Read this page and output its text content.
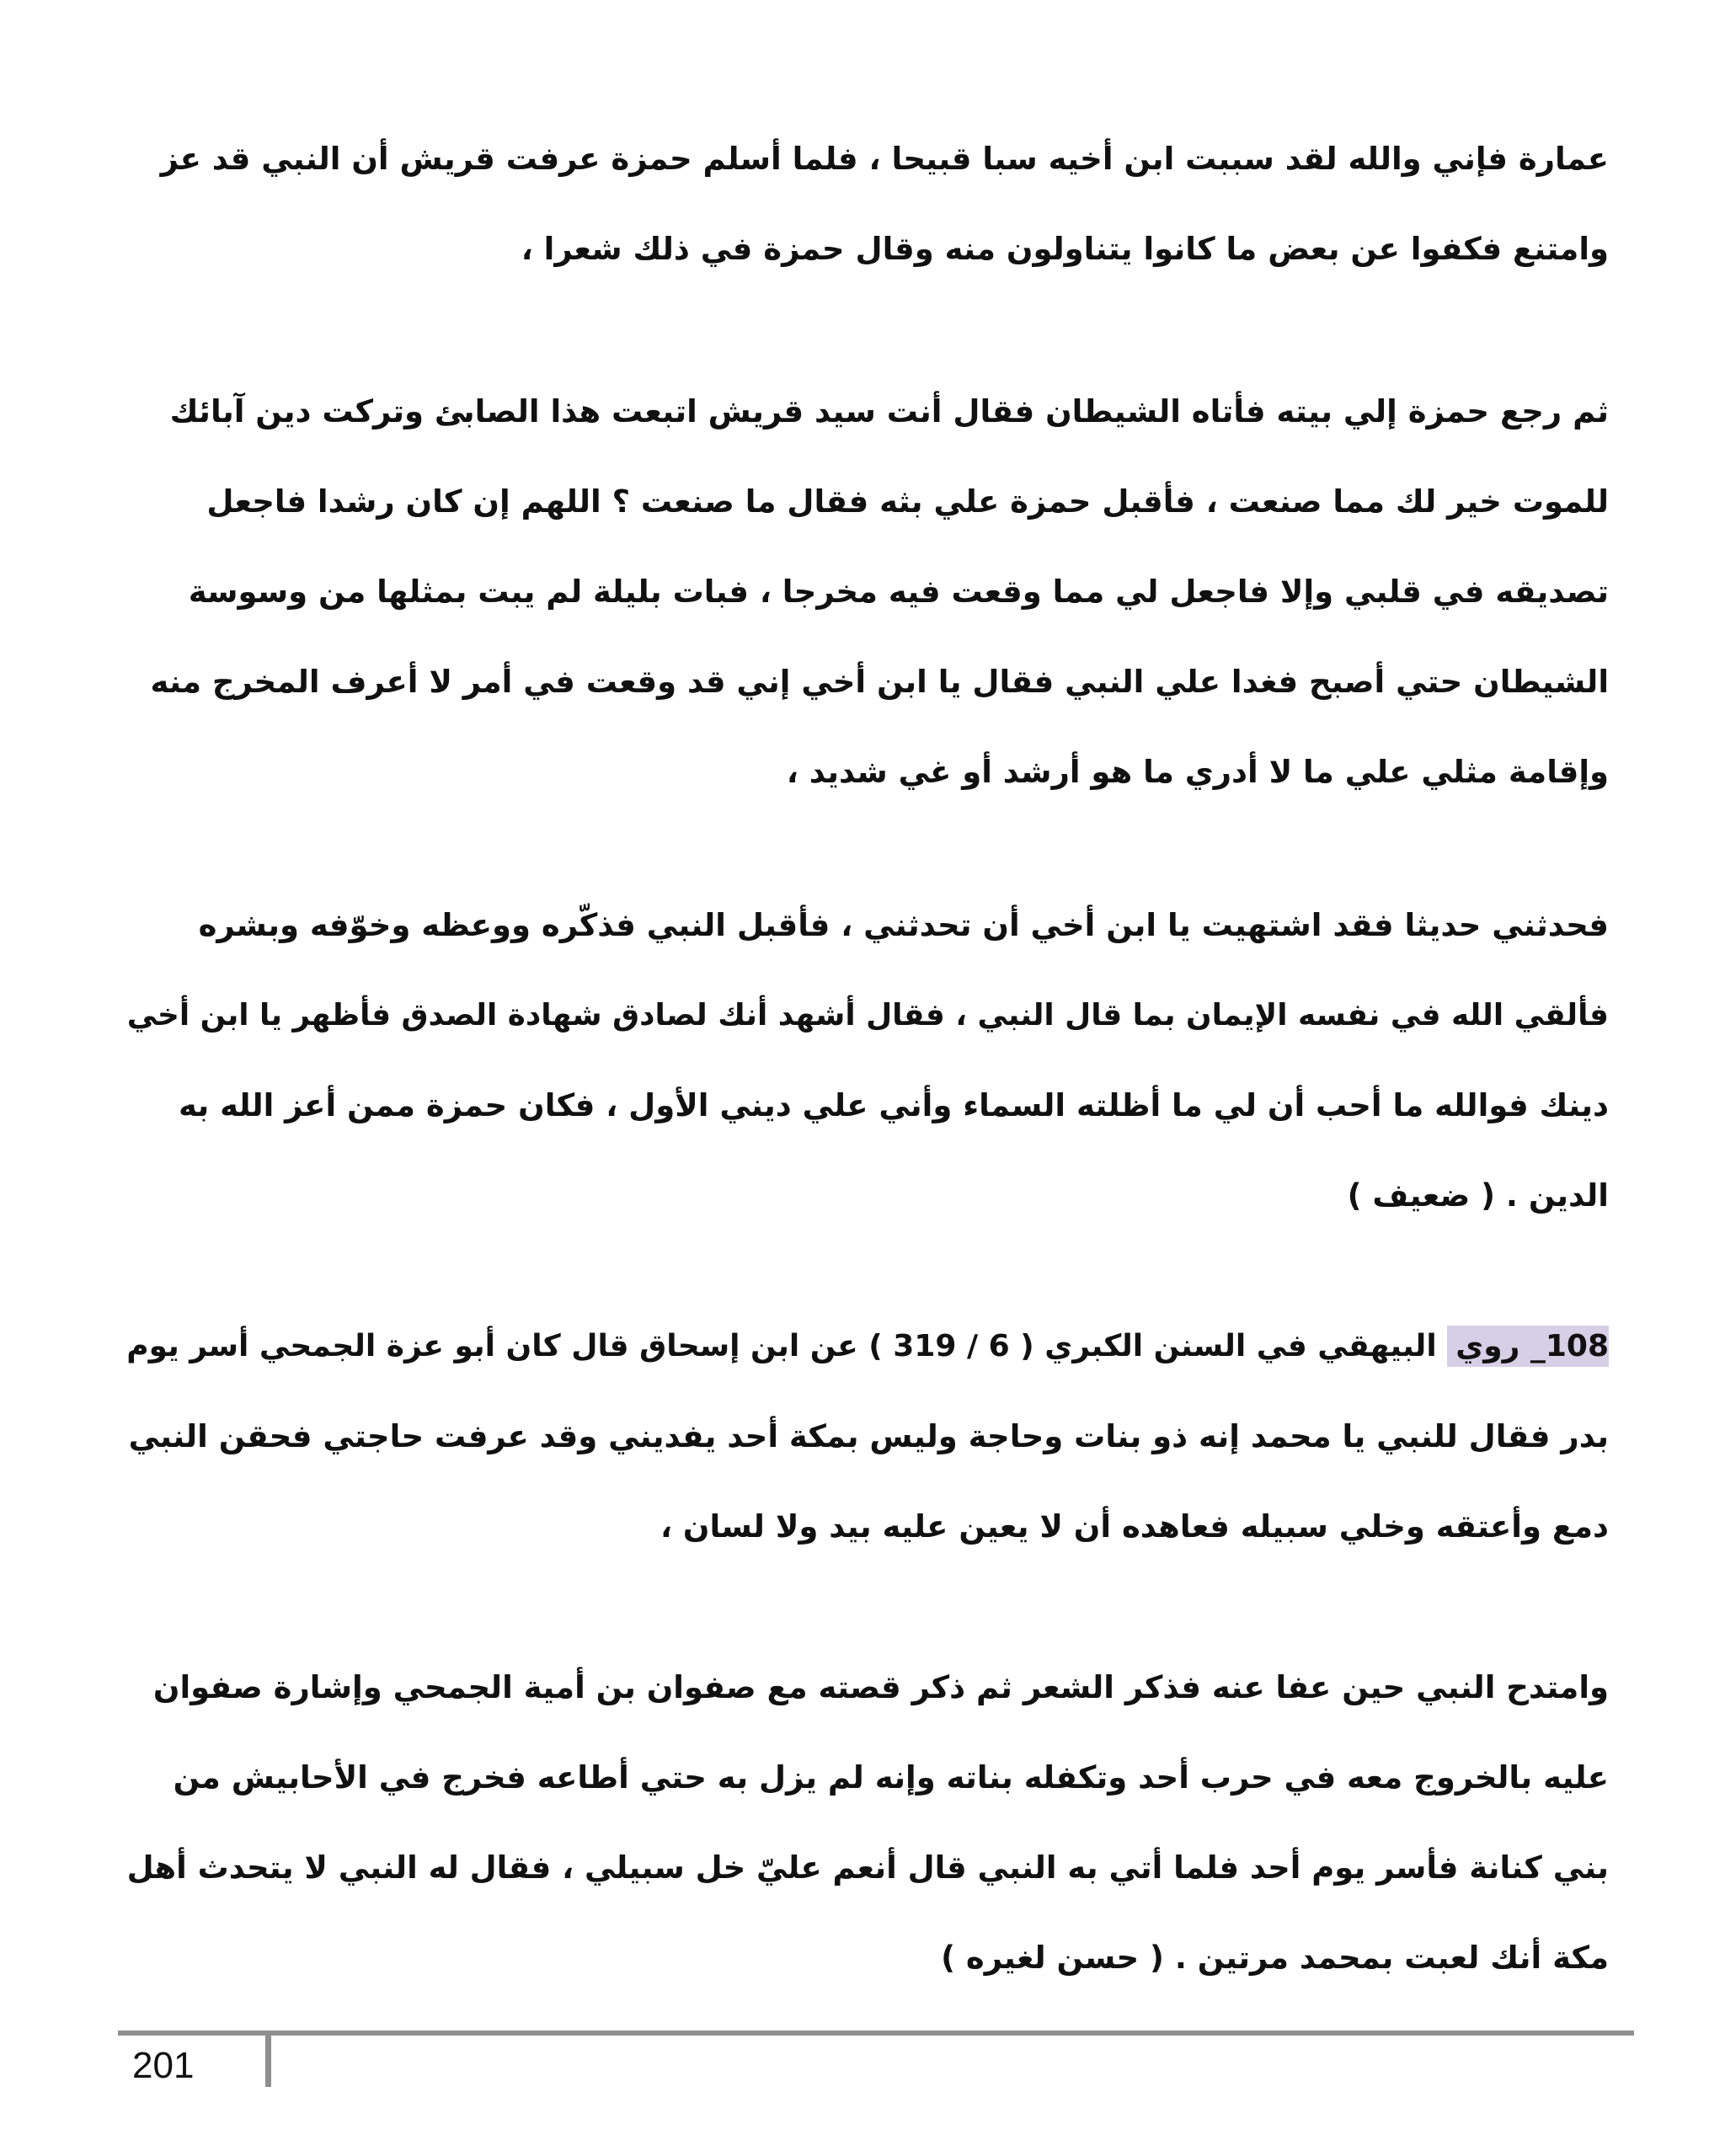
عمارة فإني والله لقد سببت ابن أخيه سبا قبيحا ، فلما أسلم حمزة عرفت قريش أن النبي قد عز
وامتنع فكفوا عن بعض ما كانوا يتناولون منه وقال حمزة في ذلك شعرا ،
ثم رجع حمزة إلي بيته فأتاه الشيطان فقال أنت سيد قريش اتبعت هذا الصابئ وتركت دين آبائك
للموت خير لك مما صنعت ، فأقبل حمزة علي بثه فقال ما صنعت ؟ اللهم إن كان رشدا فاجعل
تصديقه في قلبي وإلا فاجعل لي مما وقعت فيه مخرجا ، فبات بليلة لم يبت بمثلها من وسوسة
الشيطان حتي أصبح فغدا علي النبي فقال يا ابن أخي إني قد وقعت في أمر لا أعرف المخرج منه
وإقامة مثلي علي ما لا أدري ما هو أرشد أو غي شديد ،
فحدثني حديثا فقد اشتهيت يا ابن أخي أن تحدثني ، فأقبل النبي فذكّره ووعظه وخوّفه وبشره
فألقي الله في نفسه الإيمان بما قال النبي ، فقال أشهد أنك لصادق شهادة الصدق فأظهر يا ابن أخي
دينك فوالله ما أحب أن لي ما أظلته السماء وأني علي ديني الأول ، فكان حمزة ممن أعز الله به
الدين . ( ضعيف )
108_ روي البيهقي في السنن الكبري ( 6 / 319 ) عن ابن إسحاق قال كان أبو عزة الجمحي أسر يوم
بدر فقال للنبي يا محمد إنه ذو بنات وحاجة وليس بمكة أحد يفديني وقد عرفت حاجتي فحقن النبي
دمع وأعتقه وخلي سبيله فعاهده أن لا يعين عليه بيد ولا لسان ،
وامتدح النبي حين عفا عنه فذكر الشعر ثم ذكر قصته مع صفوان بن أمية الجمحي وإشارة صفوان
عليه بالخروج معه في حرب أحد وتكفله بناته وإنه لم يزل به حتي أطاعه فخرج في الأحابيش من
بني كنانة فأسر يوم أحد فلما أتي به النبي قال أنعم عليّ خل سبيلي ، فقال له النبي لا يتحدث أهل
مكة أنك لعبت بمحمد مرتين . ( حسن لغيره )
201
